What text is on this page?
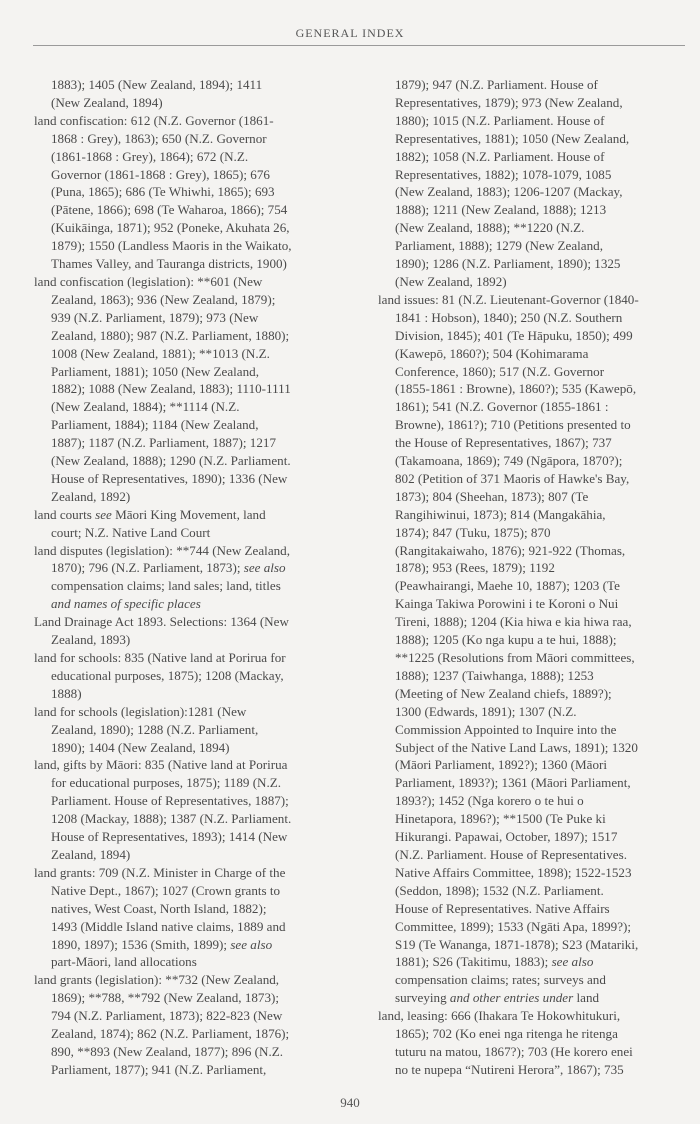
GENERAL INDEX
1883); 1405 (New Zealand, 1894); 1411
(New Zealand, 1894)
land confiscation: 612 (N.Z. Governor (1861-
1868 : Grey), 1863); 650 (N.Z. Governor
(1861-1868 : Grey), 1864); 672 (N.Z.
Governor (1861-1868 : Grey), 1865); 676
(Puna, 1865); 686 (Te Whiwhi, 1865); 693
(Pātene, 1866); 698 (Te Waharoa, 1866); 754
(Kuikāinga, 1871); 952 (Poneke, Akuhata 26,
1879); 1550 (Landless Maoris in the Waikato,
Thames Valley, and Tauranga districts, 1900)
land confiscation (legislation): **601 (New
Zealand, 1863); 936 (New Zealand, 1879);
939 (N.Z. Parliament, 1879); 973 (New
Zealand, 1880); 987 (N.Z. Parliament, 1880);
1008 (New Zealand, 1881); **1013 (N.Z.
Parliament, 1881); 1050 (New Zealand,
1882); 1088 (New Zealand, 1883); 1110-1111
(New Zealand, 1884); **1114 (N.Z.
Parliament, 1884); 1184 (New Zealand,
1887); 1187 (N.Z. Parliament, 1887); 1217
(New Zealand, 1888); 1290 (N.Z. Parliament.
House of Representatives, 1890); 1336 (New
Zealand, 1892)
land courts see Māori King Movement, land
court; N.Z. Native Land Court
land disputes (legislation): **744 (New Zealand,
1870); 796 (N.Z. Parliament, 1873); see also
compensation claims; land sales; land, titles
and names of specific places
Land Drainage Act 1893. Selections: 1364 (New
Zealand, 1893)
land for schools: 835 (Native land at Porirua for
educational purposes, 1875); 1208 (Mackay,
1888)
land for schools (legislation):1281 (New
Zealand, 1890); 1288 (N.Z. Parliament,
1890); 1404 (New Zealand, 1894)
land, gifts by Māori: 835 (Native land at Porirua
for educational purposes, 1875); 1189 (N.Z.
Parliament. House of Representatives, 1887);
1208 (Mackay, 1888); 1387 (N.Z. Parliament.
House of Representatives, 1893); 1414 (New
Zealand, 1894)
land grants: 709 (N.Z. Minister in Charge of the
Native Dept., 1867); 1027 (Crown grants to
natives, West Coast, North Island, 1882);
1493 (Middle Island native claims, 1889 and
1890, 1897); 1536 (Smith, 1899); see also
part-Māori, land allocations
land grants (legislation): **732 (New Zealand,
1869); **788, **792 (New Zealand, 1873);
794 (N.Z. Parliament, 1873); 822-823 (New
Zealand, 1874); 862 (N.Z. Parliament, 1876);
890, **893 (New Zealand, 1877); 896 (N.Z.
Parliament, 1877); 941 (N.Z. Parliament,
1879); 947 (N.Z. Parliament. House of
Representatives, 1879); 973 (New Zealand,
1880); 1015 (N.Z. Parliament. House of
Representatives, 1881); 1050 (New Zealand,
1882); 1058 (N.Z. Parliament. House of
Representatives, 1882); 1078-1079, 1085
(New Zealand, 1883); 1206-1207 (Mackay,
1888); 1211 (New Zealand, 1888); 1213
(New Zealand, 1888); **1220 (N.Z.
Parliament, 1888); 1279 (New Zealand,
1890); 1286 (N.Z. Parliament, 1890); 1325
(New Zealand, 1892)
land issues: 81 (N.Z. Lieutenant-Governor (1840-
1841 : Hobson), 1840); 250 (N.Z. Southern
Division, 1845); 401 (Te Hāpuku, 1850); 499
(Kawepō, 1860?); 504 (Kohimarama
Conference, 1860); 517 (N.Z. Governor
(1855-1861 : Browne), 1860?); 535 (Kawepō,
1861); 541 (N.Z. Governor (1855-1861 :
Browne), 1861?); 710 (Petitions presented to
the House of Representatives, 1867); 737
(Takamoana, 1869); 749 (Ngāpora, 1870?);
802 (Petition of 371 Maoris of Hawke's Bay,
1873); 804 (Sheehan, 1873); 807 (Te
Rangihiwinui, 1873); 814 (Mangakāhia,
1874); 847 (Tuku, 1875); 870
(Rangitakaiwaho, 1876); 921-922 (Thomas,
1878); 953 (Rees, 1879); 1192
(Peawhairangi, Maehe 10, 1887); 1203 (Te
Kainga Takiwa Porowini i te Koroni o Nui
Tireni, 1888); 1204 (Kia hiwa e kia hiwa raa,
1888); 1205 (Ko nga kupu a te hui, 1888);
**1225 (Resolutions from Māori committees,
1888); 1237 (Taiwhanga, 1888); 1253
(Meeting of New Zealand chiefs, 1889?);
1300 (Edwards, 1891); 1307 (N.Z.
Commission Appointed to Inquire into the
Subject of the Native Land Laws, 1891); 1320
(Māori Parliament, 1892?); 1360 (Māori
Parliament, 1893?); 1361 (Māori Parliament,
1893?); 1452 (Nga korero o te hui o
Hinetapora, 1896?); **1500 (Te Puke ki
Hikurangi. Papawai, October, 1897); 1517
(N.Z. Parliament. House of Representatives.
Native Affairs Committee, 1898); 1522-1523
(Seddon, 1898); 1532 (N.Z. Parliament.
House of Representatives. Native Affairs
Committee, 1899); 1533 (Ngāti Apa, 1899?);
S19 (Te Wananga, 1871-1878); S23 (Matariki,
1881); S26 (Takitimu, 1883); see also
compensation claims; rates; surveys and
surveying and other entries under land
land, leasing: 666 (Ihakara Te Hokowhitukuri,
1865); 702 (Ko enei nga ritenga he ritenga
tuturu na matou, 1867?); 703 (He korero enei
no te nupepa “Nutireni Herora”, 1867); 735
940
